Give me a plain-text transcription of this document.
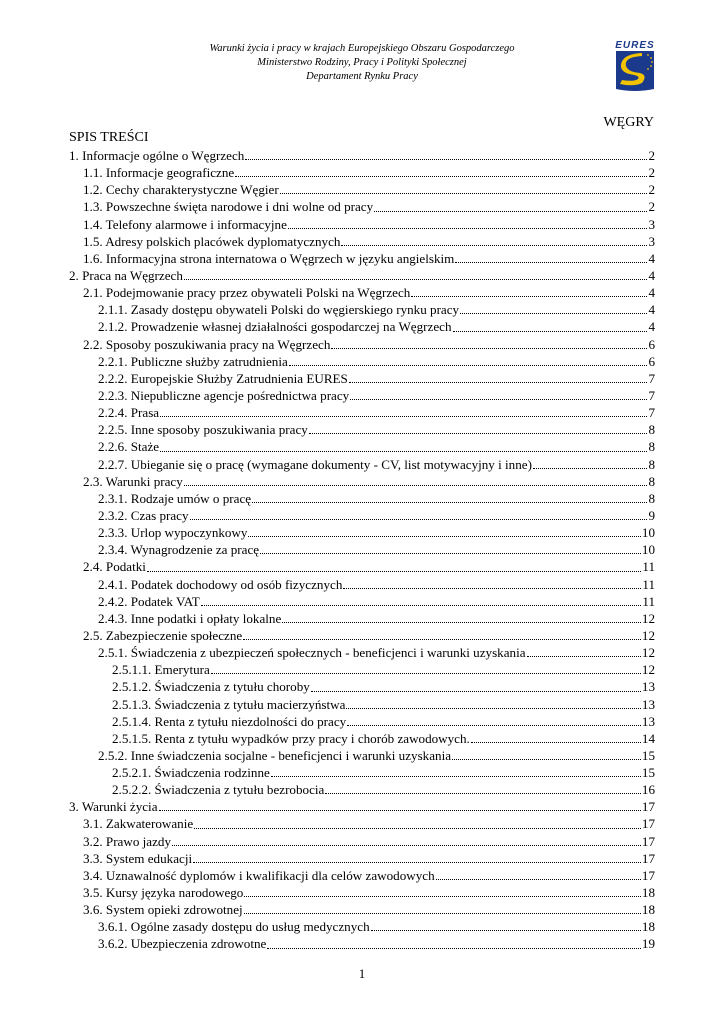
Warunki życia i pracy w krajach Europejskiego Obszaru Gospodarczego
Ministerstwo Rodziny, Pracy i Polityki Społecznej
Departament Rynku Pracy
EURES
WĘGRY
SPIS TREŚCI
1. Informacje ogólne o Węgrzech	2
1.1. Informacje geograficzne	2
1.2. Cechy charakterystyczne Węgier	2
1.3. Powszechne święta narodowe i dni wolne od pracy	2
1.4. Telefony alarmowe i informacyjne	3
1.5. Adresy polskich placówek dyplomatycznych	3
1.6. Informacyjna strona internatowa o Węgrzech w języku angielskim	4
2. Praca na Węgrzech	4
2.1. Podejmowanie pracy przez obywateli Polski na Węgrzech	4
2.1.1. Zasady dostępu obywateli Polski do węgierskiego rynku pracy	4
2.1.2. Prowadzenie własnej działalności gospodarczej na Węgrzech	4
2.2. Sposoby poszukiwania pracy na Węgrzech	6
2.2.1. Publiczne służby zatrudnienia	6
2.2.2. Europejskie Służby Zatrudnienia EURES	7
2.2.3. Niepubliczne agencje pośrednictwa pracy	7
2.2.4. Prasa	7
2.2.5. Inne sposoby poszukiwania pracy	8
2.2.6. Staże	8
2.2.7. Ubieganie się o pracę (wymagane dokumenty - CV, list motywacyjny i inne)	8
2.3. Warunki pracy	8
2.3.1. Rodzaje umów o pracę	8
2.3.2. Czas pracy	9
2.3.3. Urlop wypoczynkowy	10
2.3.4. Wynagrodzenie za pracę	10
2.4. Podatki	11
2.4.1. Podatek dochodowy od osób fizycznych	11
2.4.2. Podatek VAT	11
2.4.3. Inne podatki i opłaty lokalne	12
2.5. Zabezpieczenie społeczne	12
2.5.1. Świadczenia z ubezpieczeń społecznych - beneficjenci i warunki uzyskania	12
2.5.1.1. Emerytura	12
2.5.1.2. Świadczenia z tytułu choroby	13
2.5.1.3. Świadczenia z tytułu macierzyństwa	13
2.5.1.4. Renta z tytułu niezdolności do pracy	13
2.5.1.5. Renta z tytułu wypadków przy pracy i chorób zawodowych.	14
2.5.2. Inne świadczenia socjalne - beneficjenci i warunki uzyskania	15
2.5.2.1. Świadczenia rodzinne	15
2.5.2.2. Świadczenia z tytułu bezrobocia	16
3. Warunki życia	17
3.1. Zakwaterowanie	17
3.2. Prawo jazdy	17
3.3. System edukacji	17
3.4. Uznawalność dyplomów i kwalifikacji dla celów zawodowych	17
3.5. Kursy języka narodowego	18
3.6. System opieki zdrowotnej	18
3.6.1. Ogólne zasady dostępu do usług medycznych	18
3.6.2. Ubezpieczenia zdrowotne	19
1
